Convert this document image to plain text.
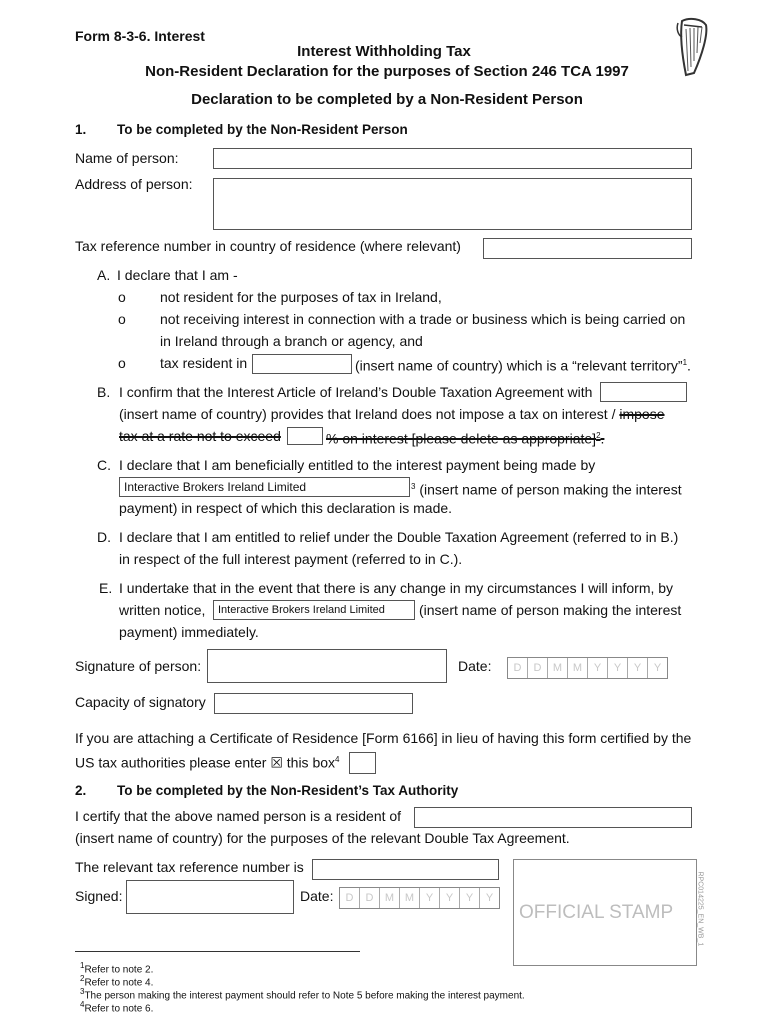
Form 8-3-6. Interest
Interest Withholding Tax
Non-Resident Declaration for the purposes of Section 246 TCA 1997
Declaration to be completed by a Non-Resident Person
1. To be completed by the Non-Resident Person
Name of person:
Address of person:
Tax reference number in country of residence (where relevant)
A. I declare that I am -
o not resident for the purposes of tax in Ireland,
o not receiving interest in connection with a trade or business which is being carried on
in Ireland through a branch or agency, and
o tax resident in	(insert name of country) which is a “relevant territory”$^1$.
B. I confirm that the Interest Article of Ireland’s Double Taxation Agreement with
(insert name of country) provides that Ireland does not impose a tax on interest / impose
tax at a rate not to exceed	% on interest [please delete as appropriate]$^2$.
C. I declare that I am beneficially entitled to the interest payment being made by
Interactive Brokers Ireland Limited	$^3$ (insert name of person making the interest
payment) in respect of which this declaration is made.
D. I declare that I am entitled to relief under the Double Taxation Agreement (referred to in B.)
in respect of the full interest payment (referred to in C.).
E. I undertake that in the event that there is any change in my circumstances I will inform, by
written notice,	Interactive Brokers Ireland Limited	(insert name of person making the interest
payment) immediately.
Signature of person:	Date:	D	D	M M	Y	Y	Y	Y
Capacity of signatory
If you are attaching a Certificate of Residence [Form 6166] in lieu of having this form certified by the
US tax authorities please enter ☒ this box$^4$
2. To be completed by the Non-Resident’s Tax Authority
I certify that the above named person is a resident of
(insert name of country) for the purposes of the relevant Double Tax Agreement.
The relevant tax reference number is
Signed:	Date:	D	D	M M	Y	Y	Y	Y
OFFICIAL STAMP	RPC014225_EN_WB_1
$^1$Refer to note 2.
$^2$Refer to note 4.
$^3$The person making the interest payment should refer to Note 5 before making the interest payment.
$^4$Refer to note 6.
